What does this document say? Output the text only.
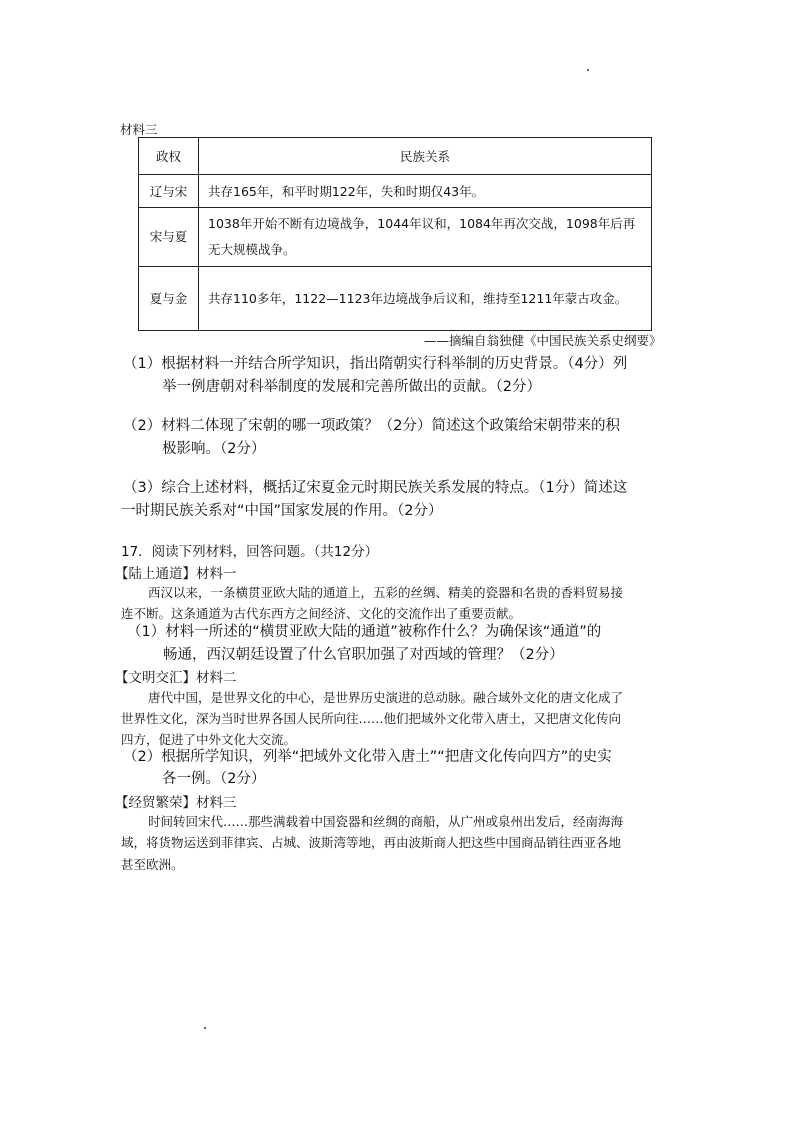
材料三
政权	民族关系
辽与宋	共存165年，和平时期122年，失和时期仅43年。
宋与夏	1038年开始不断有边境战争，1044年议和，1084年再次交战，1098年后再无大规模战争。
夏与金	共存110多年，1122—1123年边境战争后议和，维持至1211年蒙古攻金。
——摘编自翁独健《中国民族关系史纲要》
（1）根据材料一并结合所学知识，指出隋朝实行科举制的历史背景。（4分）列
举一例唐朝对科举制度的发展和完善所做出的贡献。（2分）
（2）材料二体现了宋朝的哪一项政策？（2分）简述这个政策给宋朝带来的积
极影响。（2分）
（3）综合上述材料，概括辽宋夏金元时期民族关系发展的特点。（1分）简述这
一时期民族关系对“中国”国家发展的作用。（2分）
17．阅读下列材料，回答问题。（共12分）
【陆上通道】材料一
西汉以来，一条横贯亚欧大陆的通道上，五彩的丝绸、精美的瓷器和名贵的香料贸易接
连不断。这条通道为古代东西方之间经济、文化的交流作出了重要贡献。
（1）材料一所述的“横贯亚欧大陆的通道”被称作什么？为确保该“通道”的
畅通，西汉朝廷设置了什么官职加强了对西域的管理？（2分）
【文明交汇】材料二
唐代中国，是世界文化的中心，是世界历史演进的总动脉。融合域外文化的唐文化成了
世界性文化，深为当时世界各国人民所向往……他们把域外文化带入唐土，又把唐文化传向
四方，促进了中外文化大交流。
（2）根据所学知识，列举“把域外文化带入唐土”“把唐文化传向四方”的史实
各一例。（2分）
【经贸繁荣】材料三
时间转回宋代……那些满载着中国瓷器和丝绸的商船，从广州或泉州出发后，经南海海
域，将货物运送到菲律宾、占城、波斯湾等地，再由波斯商人把这些中国商品销往西亚各地
甚至欧洲。
